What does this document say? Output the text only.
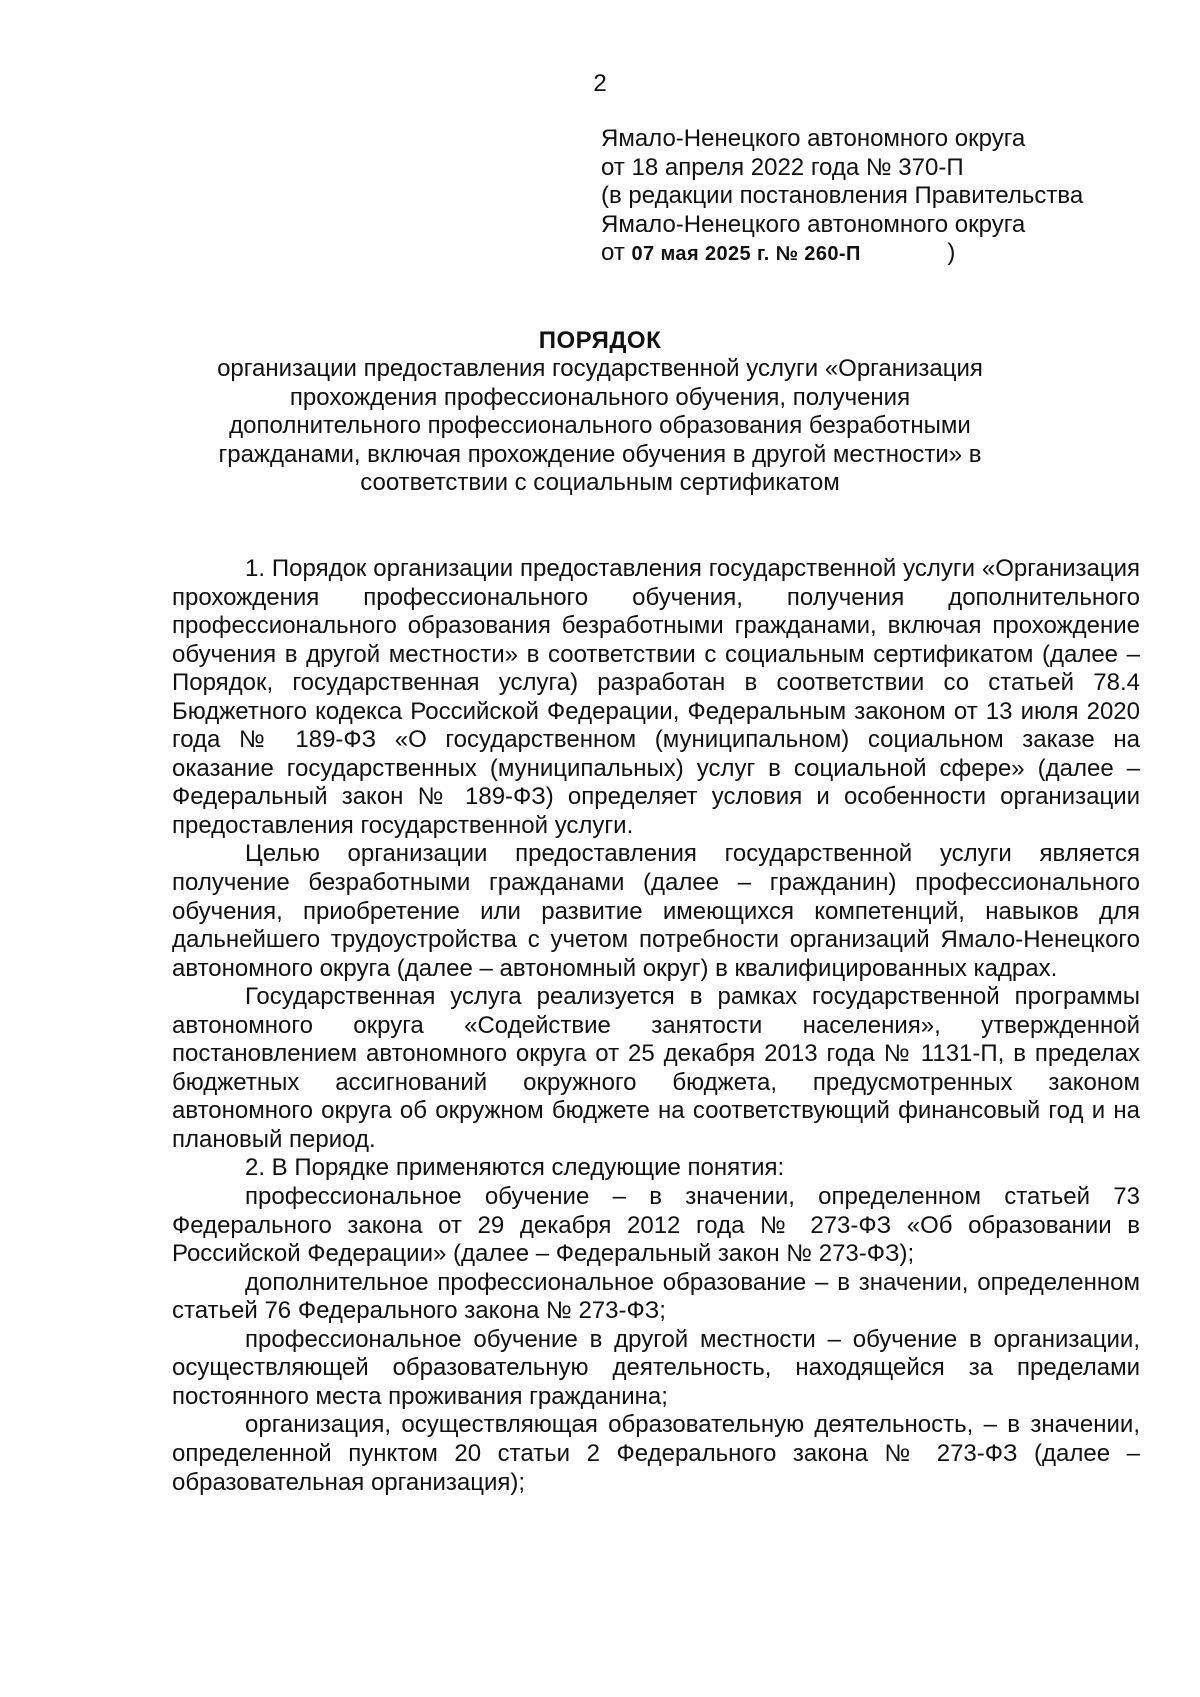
2
Ямало-Ненецкого автономного округа
от 18 апреля 2022 года № 370-П
(в редакции постановления Правительства
Ямало-Ненецкого автономного округа
от 07 мая 2025 г. № 260-П	)
ПОРЯДОК
организации предоставления государственной услуги «Организация прохождения профессионального обучения, получения дополнительного профессионального образования безработными гражданами, включая прохождение обучения в другой местности» в соответствии с социальным сертификатом

1. Порядок организации предоставления государственной услуги «Организация прохождения профессионального обучения, получения дополнительного профессионального образования безработными гражданами, включая прохождение обучения в другой местности» в соответствии с социальным сертификатом (далее – Порядок, государственная услуга) разработан в соответствии со статьей 78.4 Бюджетного кодекса Российской Федерации, Федеральным законом от 13 июля 2020 года № 189-ФЗ «О государственном (муниципальном) социальном заказе на оказание государственных (муниципальных) услуг в социальной сфере» (далее – Федеральный закон № 189-ФЗ) определяет условия и особенности организации предоставления государственной услуги.

Целью организации предоставления государственной услуги является получение безработными гражданами (далее – гражданин) профессионального обучения, приобретение или развитие имеющихся компетенций, навыков для дальнейшего трудоустройства с учетом потребности организаций Ямало-Ненецкого автономного округа (далее – автономный округ) в квалифицированных кадрах.

Государственная услуга реализуется в рамках государственной программы автономного округа «Содействие занятости населения», утвержденной постановлением автономного округа от 25 декабря 2013 года № 1131-П, в пределах бюджетных ассигнований окружного бюджета, предусмотренных законом автономного округа об окружном бюджете на соответствующий финансовый год и на плановый период.

2. В Порядке применяются следующие понятия:

профессиональное обучение – в значении, определенном статьей 73 Федерального закона от 29 декабря 2012 года № 273-ФЗ «Об образовании в Российской Федерации» (далее – Федеральный закон № 273-ФЗ);

дополнительное профессиональное образование – в значении, определенном статьей 76 Федерального закона № 273-ФЗ;

профессиональное обучение в другой местности – обучение в организации, осуществляющей образовательную деятельность, находящейся за пределами постоянного места проживания гражданина;

организация, осуществляющая образовательную деятельность, – в значении, определенной пунктом 20 статьи 2 Федерального закона № 273-ФЗ (далее – образовательная организация);
